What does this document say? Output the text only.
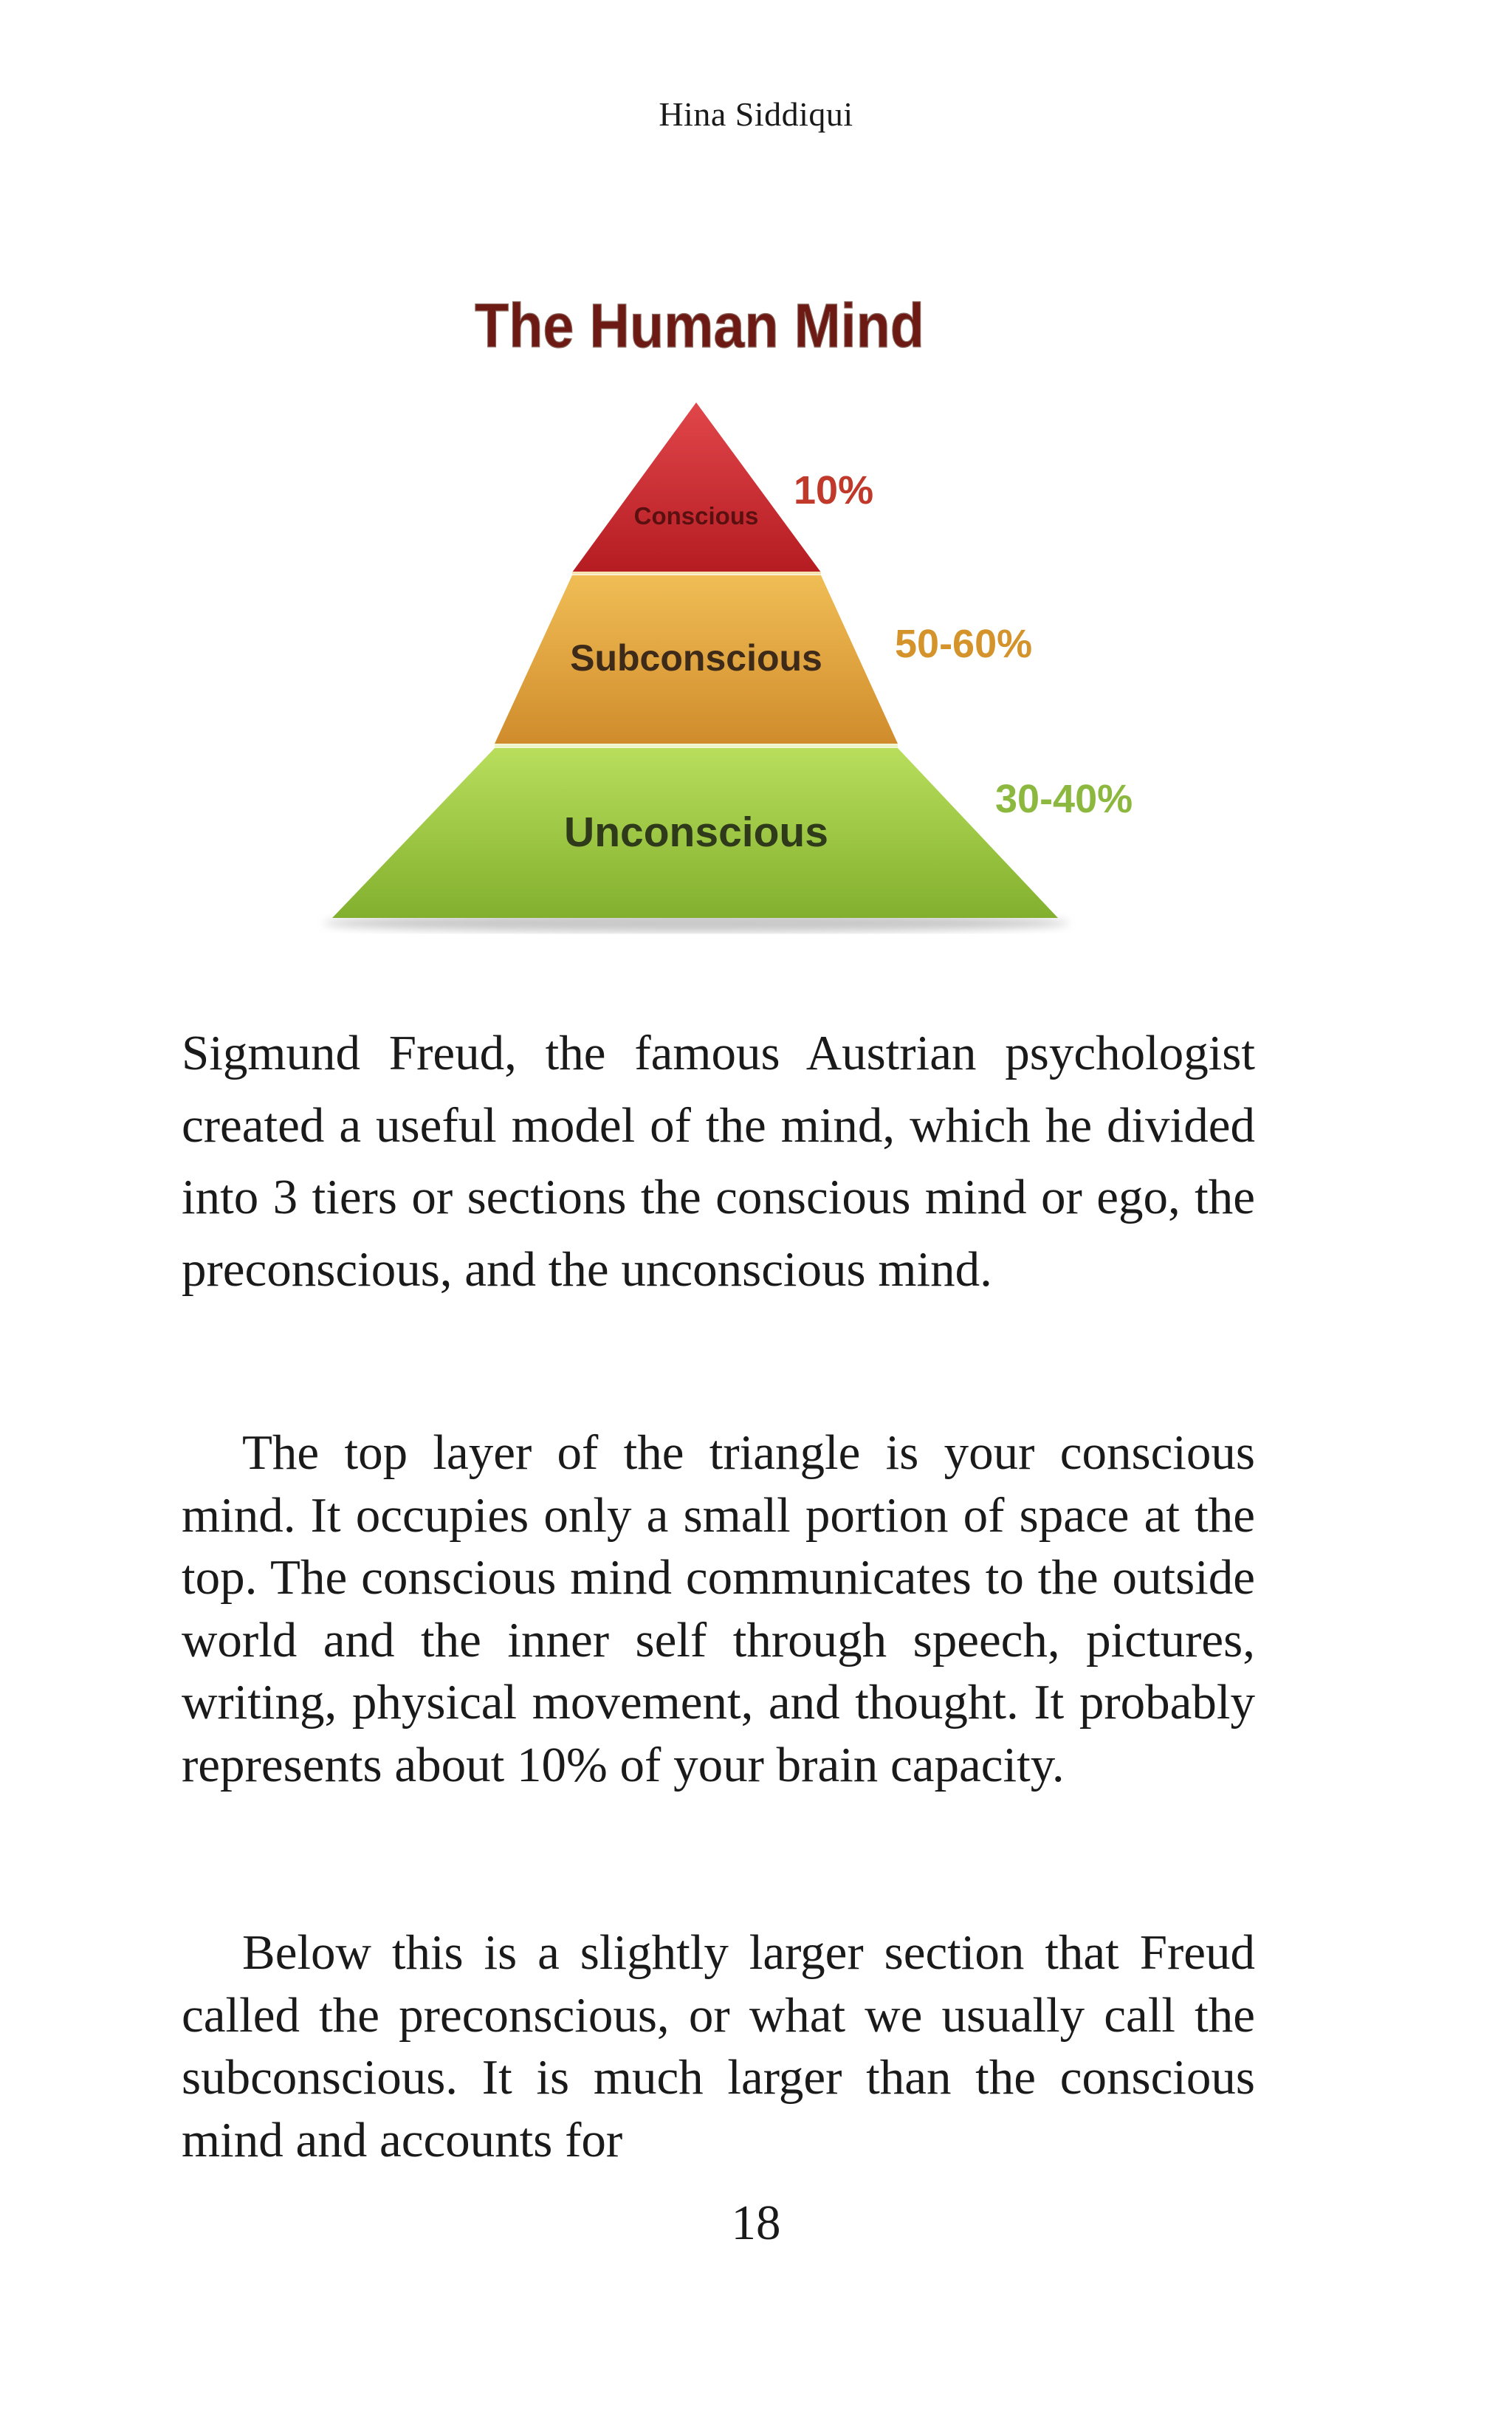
Hina Siddiqui
The Human Mind
Conscious
Subconscious
Unconscious
10%
50-60%
30-40%
Sigmund Freud, the famous Austrian psychologist created a useful model of the mind, which he divided into 3 tiers or sections the conscious mind or ego, the preconscious, and the unconscious mind.
The top layer of the triangle is your conscious mind. It occupies only a small portion of space at the top. The conscious mind communicates to the outside world and the inner self through speech, pictures, writing, physical movement, and thought. It probably represents about 10% of your brain capacity.
Below this is a slightly larger section that Freud called the preconscious, or what we usually call the subconscious. It is much larger than the conscious mind and accounts for
18
